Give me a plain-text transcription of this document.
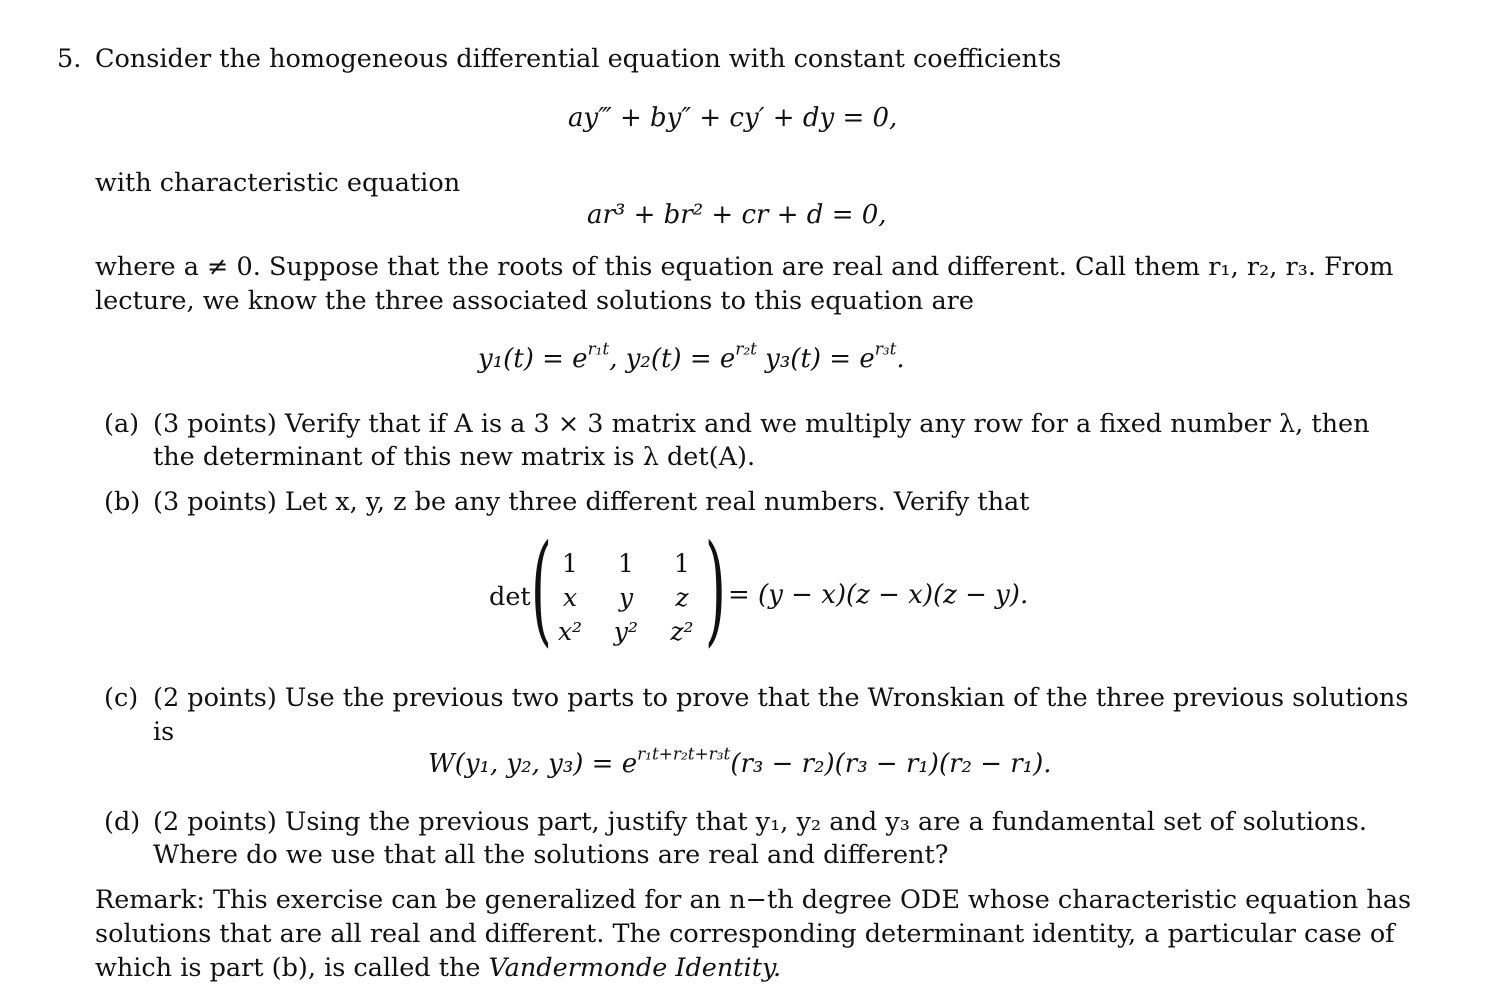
5. Consider the homogeneous differential equation with constant coefficients
ay‴ + by″ + cy′ + dy = 0,
with characteristic equation
ar³ + br² + cr + d = 0,
where a ≠ 0. Suppose that the roots of this equation are real and different. Call them r₁, r₂, r₃. From
lecture, we know the three associated solutions to this equation are
$y_1(t) = e^{r_1t}$, $y_2(t) = e^{r_2t}$ $y_3(t) = e^{r_3t}$.
(a) (3 points) Verify that if A is a 3 × 3 matrix and we multiply any row for a fixed number λ, then
the determinant of this new matrix is λ det(A).
(b) (3 points) Let x, y, z be any three different real numbers. Verify that
det ( 1	1	1
x	y	z
x²	y²	z² ) = (y − x)(z − x)(z − y).
(c) (2 points) Use the previous two parts to prove that the Wronskian of the three previous solutions
is
W(y₁, y₂, $y_3) = e^{r_1t+r_2t+r_3t}(r_3 - r_2)(r_3 - r_1)(r_2 - r_1)$.
(d) (2 points) Using the previous part, justify that y₁, y₂ and y₃ are a fundamental set of solutions.
Where do we use that all the solutions are real and different?
Remark: This exercise can be generalized for an n−th degree ODE whose characteristic equation has
solutions that are all real and different. The corresponding determinant identity, a particular case of
which is part (b), is called the Vandermonde Identity.
